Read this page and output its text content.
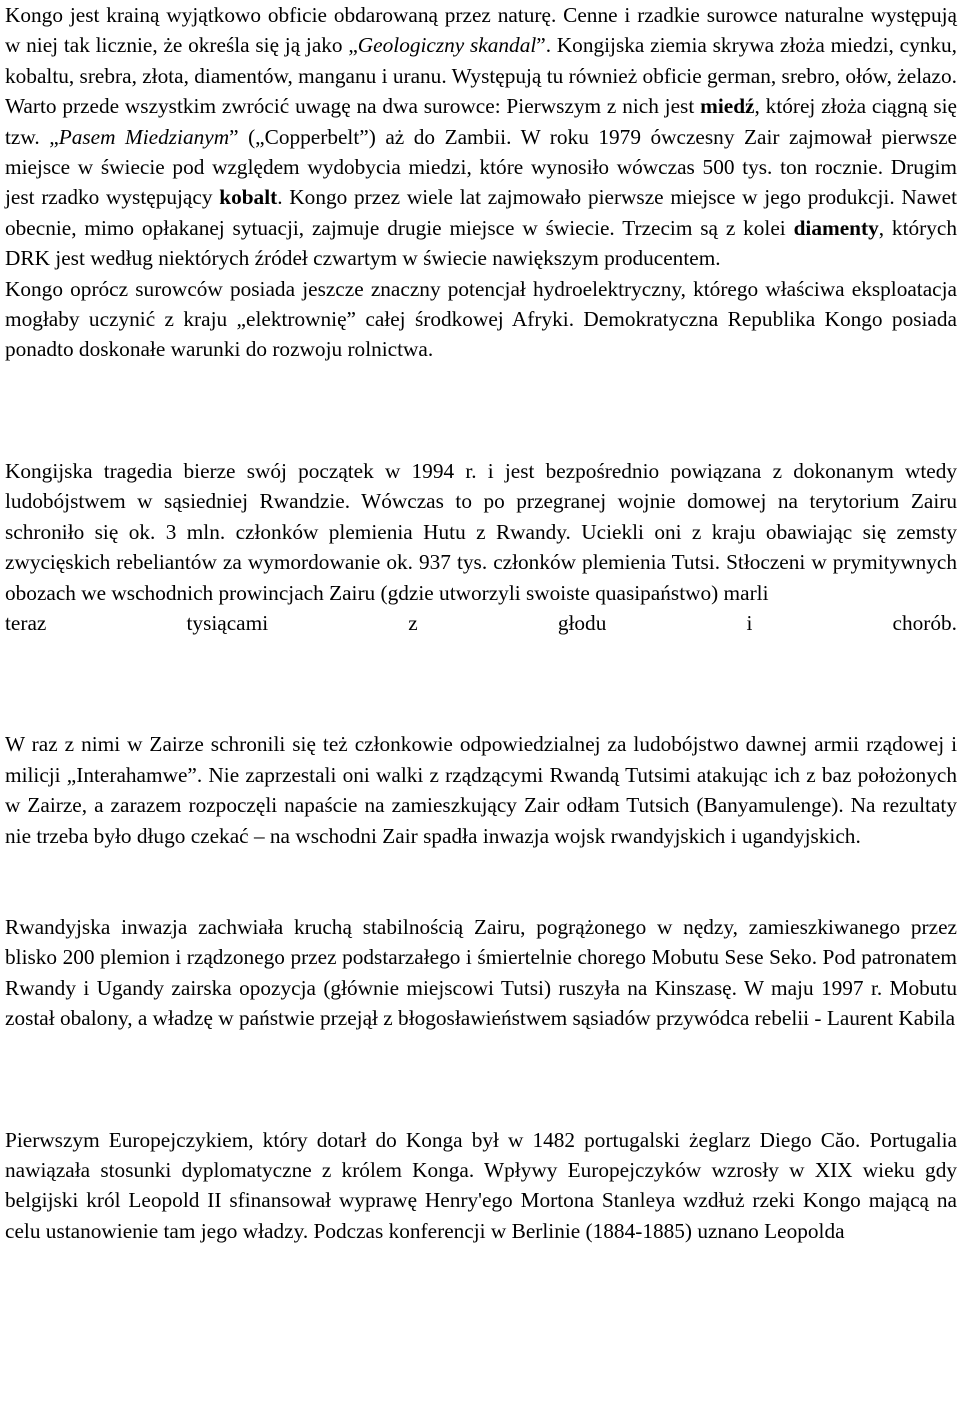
Kongo jest krainą wyjątkowo obficie obdarowaną przez naturę. Cenne i rzadkie surowce naturalne występują w niej tak licznie, że określa się ją jako „Geologiczny skandal”. Kongijska ziemia skrywa złoża miedzi, cynku, kobaltu, srebra, złota, diamentów, manganu i uranu. Występują tu również obficie german, srebro, ołów, żelazo. Warto przede wszystkim zwrócić uwagę na dwa surowce: Pierwszym z nich jest miedź, której złoża ciągną się tzw. „Pasem Miedzianym” („Copperbelt”) aż do Zambii. W roku 1979 ówczesny Zair zajmował pierwsze miejsce w świecie pod względem wydobycia miedzi, które wynosiło wówczas 500 tys. ton rocznie. Drugim jest rzadko występujący kobalt. Kongo przez wiele lat zajmowało pierwsze miejsce w jego produkcji. Nawet obecnie, mimo opłakanej sytuacji, zajmuje drugie miejsce w świecie. Trzecim są z kolei diamenty, których DRK jest według niektórych źródeł czwartym w świecie nawiększym producentem.

Kongo oprócz surowców posiada jeszcze znaczny potencjał hydroelektryczny, którego właściwa eksploatacja mogłaby uczynić z kraju „elektrownię” całej środkowej Afryki. Demokratyczna Republika Kongo posiada ponadto doskonałe warunki do rozwoju rolnictwa.

Kongijska tragedia bierze swój początek w 1994 r. i jest bezpośrednio powiązana z dokonanym wtedy ludobójstwem w sąsiedniej Rwandzie. Wówczas to po przegranej wojnie domowej na terytorium Zairu schroniło się ok. 3 mln. członków plemienia Hutu z Rwandy. Uciekli oni z kraju obawiając się zemsty zwycięskich rebeliantów za wymordowanie ok. 937 tys. członków plemienia Tutsi. Stłoczeni w prymitywnych obozach we wschodnich prowincjach Zairu (gdzie utworzyli swoiste quasipaństwo) marli
teraz tysiącami z głodu i chorób.

W raz z nimi w Zairze schronili się też członkowie odpowiedzialnej za ludobójstwo dawnej armii rządowej i milicji „Interahamwe”. Nie zaprzestali oni walki z rządzącymi Rwandą Tutsimi atakując ich z baz położonych w Zairze, a zarazem rozpoczęli napaście na zamieszkujący Zair odłam Tutsich (Banyamulenge). Na rezultaty nie trzeba było długo czekać – na wschodni Zair spadła inwazja wojsk rwandyjskich i ugandyjskich.

Rwandyjska inwazja zachwiała kruchą stabilnością Zairu, pogrążonego w nędzy, zamieszkiwanego przez blisko 200 plemion i rządzonego przez podstarzałego i śmiertelnie chorego Mobutu Sese Seko. Pod patronatem Rwandy i Ugandy zairska opozycja (głównie miejscowi Tutsi) ruszyła na Kinszasę. W maju 1997 r. Mobutu został obalony, a władzę w państwie przejął z błogosławieństwem sąsiadów przywódca rebelii - Laurent Kabila

Pierwszym Europejczykiem, który dotarł do Konga był w 1482 portugalski żeglarz Diego Căo. Portugalia nawiązała stosunki dyplomatyczne z królem Konga. Wpływy Europejczyków wzrosły w XIX wieku gdy belgijski król Leopold II sfinansował wyprawę Henry'ego Mortona Stanleya wzdłuż rzeki Kongo mającą na celu ustanowienie tam jego władzy. Podczas konferencji w Berlinie (1884-1885) uznano Leopolda
